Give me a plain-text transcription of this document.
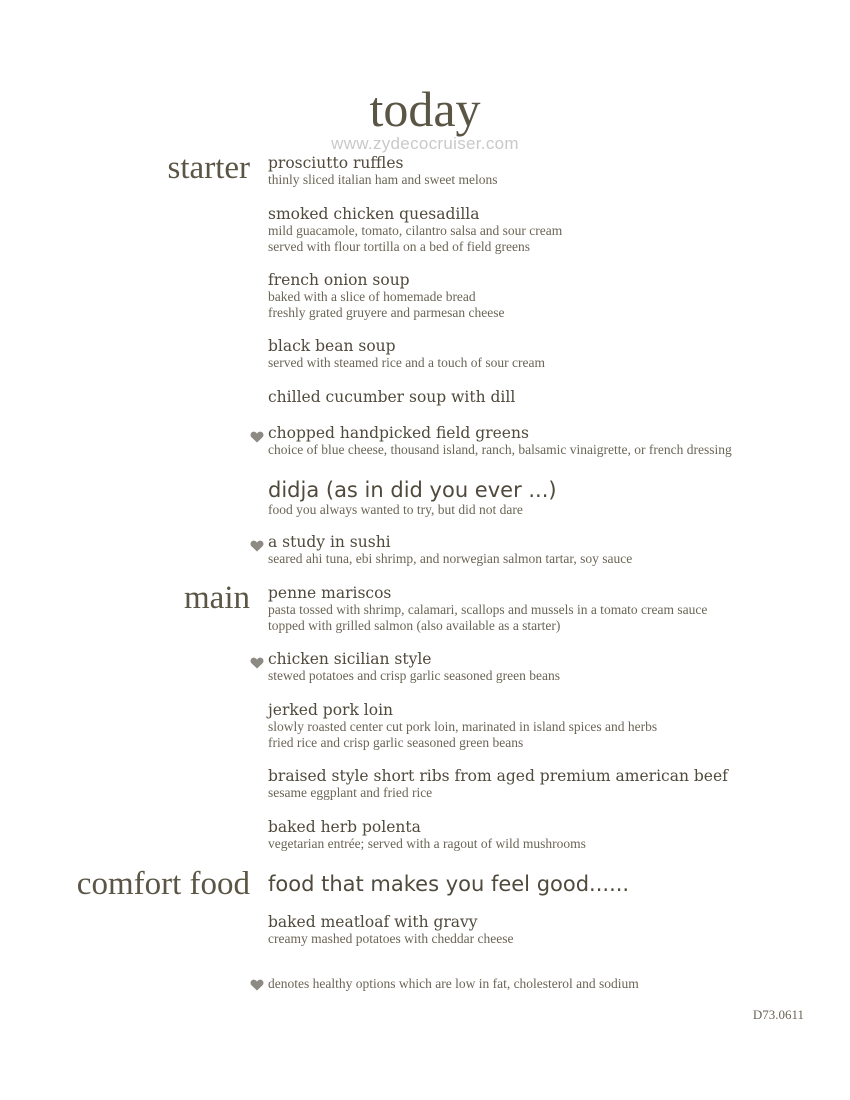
today
www.zydecocruiser.com
starter
main
comfort food
prosciutto ruffles
thinly sliced italian ham and sweet melons
smoked chicken quesadilla
mild guacamole, tomato, cilantro salsa and sour cream
served with flour tortilla on a bed of field greens
french onion soup
baked with a slice of homemade bread
freshly grated gruyere and parmesan cheese
black bean soup
served with steamed rice and a touch of sour cream
chilled cucumber soup with dill
chopped handpicked field greens
choice of blue cheese, thousand island, ranch, balsamic vinaigrette, or french dressing
didja (as in did you ever ...)
food you always wanted to try, but did not dare
a study in sushi
seared ahi tuna, ebi shrimp, and norwegian salmon tartar, soy sauce
penne mariscos
pasta tossed with shrimp, calamari, scallops and mussels in a tomato cream sauce
topped with grilled salmon (also available as a starter)
chicken sicilian style
stewed potatoes and crisp garlic seasoned green beans
jerked pork loin
slowly roasted center cut pork loin, marinated in island spices and herbs
fried rice and crisp garlic seasoned green beans
braised style short ribs from aged premium american beef
sesame eggplant and fried rice
baked herb polenta
vegetarian entrée; served with a ragout of wild mushrooms
food that makes you feel good......
baked meatloaf with gravy
creamy mashed potatoes with cheddar cheese
denotes healthy options which are low in fat, cholesterol and sodium
D73.0611
